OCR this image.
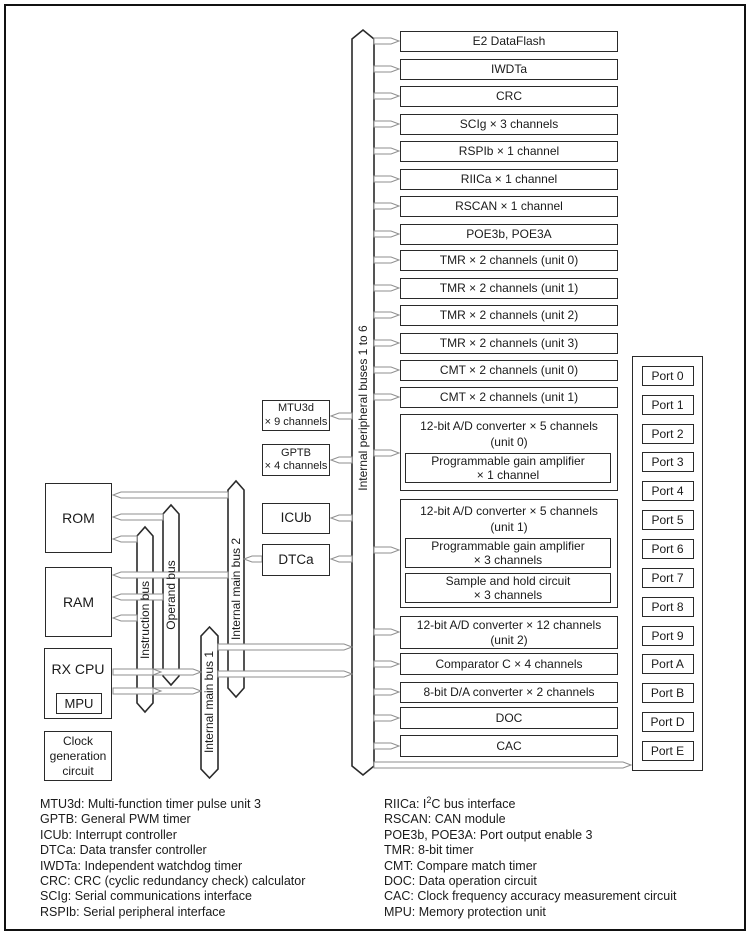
Instruction bus Operand bus
Internal main bus 1
Internal main bus 2
Internal peripheral buses 1 to 6
ROM
RAM
RX CPU
MPU
Clock generation circuit
MTU3d
× 9 channels
GPTB
× 4 channels
ICUb
DTCa
E2 DataFlash
IWDTa
CRC
SCIg × 3 channels
RSPIb × 1 channel
RIICa × 1 channel
RSCAN × 1 channel
POE3b, POE3A
TMR × 2 channels (unit 0)
TMR × 2 channels (unit 1)
TMR × 2 channels (unit 2)
TMR × 2 channels (unit 3)
CMT × 2 channels (unit 0)
CMT × 2 channels (unit 1)
12-bit A/D converter × 5 channels
(unit 0)
Programmable gain amplifier
× 1 channel
12-bit A/D converter × 5 channels
(unit 1)
Programmable gain amplifier
× 3 channels
Sample and hold circuit
× 3 channels
12-bit A/D converter × 12 channels
(unit 2)
Comparator C × 4 channels
8-bit D/A converter × 2 channels
DOC
CAC
Port 0
Port 1
Port 2
Port 3
Port 4
Port 5
Port 6
Port 7
Port 8
Port 9
Port A
Port B
Port D
Port E
MTU3d: Multi-function timer pulse unit 3
GPTB: General PWM timer
ICUb: Interrupt controller
DTCa: Data transfer controller
IWDTa: Independent watchdog timer
CRC: CRC (cyclic redundancy check) calculator
SCIg: Serial communications interface
RSPIb: Serial peripheral interface
RIICa: $I^2C$ bus interface
RSCAN: CAN module
POE3b, POE3A: Port output enable 3
TMR: 8-bit timer
CMT: Compare match timer
DOC: Data operation circuit
CAC: Clock frequency accuracy measurement circuit
MPU: Memory protection unit
